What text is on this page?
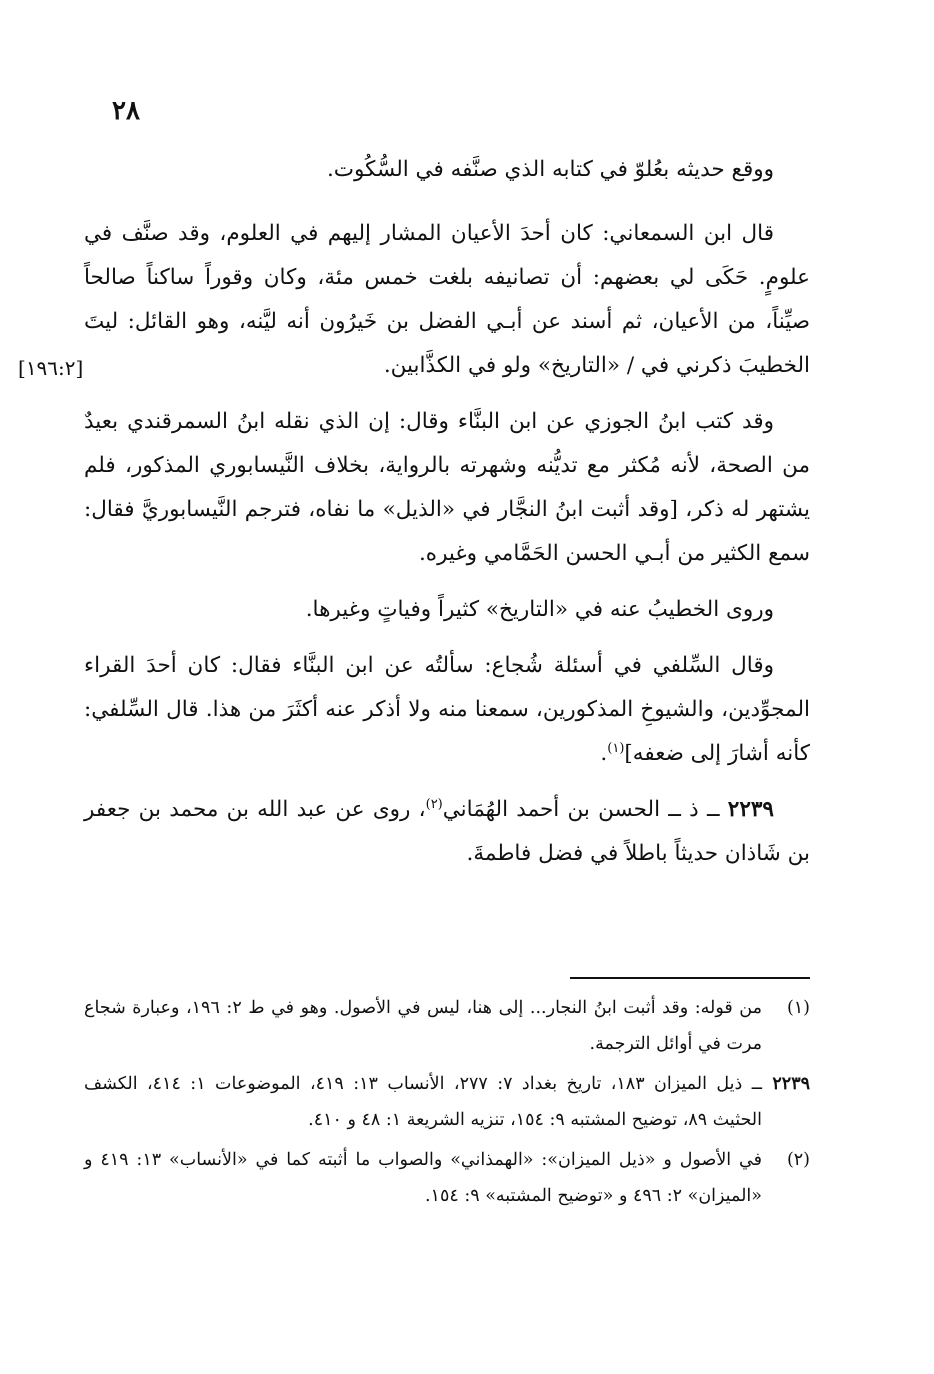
٢٨
[١٩٦:٢]

ووقع حديثه بعُلوّ في كتابه الذي صنَّفه في السُّكُوت.

قال ابن السمعاني: كان أحدَ الأعيان المشار إليهم في العلوم، وقد صنَّف في علومٍ. حَكَى لي بعضهم: أن تصانيفه بلغت خمس مئة، وكان وقوراً ساكناً صالحاً صيِّناً، من الأعيان، ثم أسند عن أبـي الفضل بن خَيرُون أنه ليَّنه، وهو القائل: ليتَ الخطيبَ ذكرني في / «التاريخ» ولو في الكذَّابين.

وقد كتب ابنُ الجوزي عن ابن البنَّاء وقال: إن الذي نقله ابنُ السمرقندي بعيدٌ من الصحة، لأنه مُكثر مع تديُّنه وشهرته بالرواية، بخلاف النَّيسابوري المذكور، فلم يشتهر له ذكر، [وقد أثبت ابنُ النجَّار في «الذيل» ما نفاه، فترجم النَّيسابوريَّ فقال: سمع الكثير من أبـي الحسن الحَمَّامي وغيره.

وروى الخطيبُ عنه في «التاريخ» كثيراً وفياتٍ وغيرها.

وقال السِّلفي في أسئلة شُجاع: سألتُه عن ابن البنَّاء فقال: كان أحدَ القراء المجوِّدين، والشيوخِ المذكورين، سمعنا منه ولا أذكر عنه أكثَرَ من هذا. قال السِّلفي: كأنه أشارَ إلى ضعفه]$^{(١)}$.

٢٢٣٩ ــ ذ ــ الحسن بن أحمد الهُمَاني$^{(٢)}$، روى عن عبد الله بن محمد بن جعفر بن شَاذان حديثاً باطلاً في فضل فاطمةَ.

(١)من قوله: وقد أثبت ابنُ النجار... إلى هنا، ليس في الأصول. وهو في ط ٢: ١٩٦، وعبارة شجاع مرت في أوائل الترجمة.

٢٢٣٩ــ ذيل الميزان ١٨٣، تاريخ بغداد ٧: ٢٧٧، الأنساب ١٣: ٤١٩، الموضوعات ١: ٤١٤، الكشف الحثيث ٨٩، توضيح المشتبه ٩: ١٥٤، تنزيه الشريعة ١: ٤٨ و ٤١٠.

(٢)في الأصول و «ذيل الميزان»: «الهمذاني» والصواب ما أثبته كما في «الأنساب» ١٣: ٤١٩ و «الميزان» ٢: ٤٩٦ و «توضيح المشتبه» ٩: ١٥٤.
